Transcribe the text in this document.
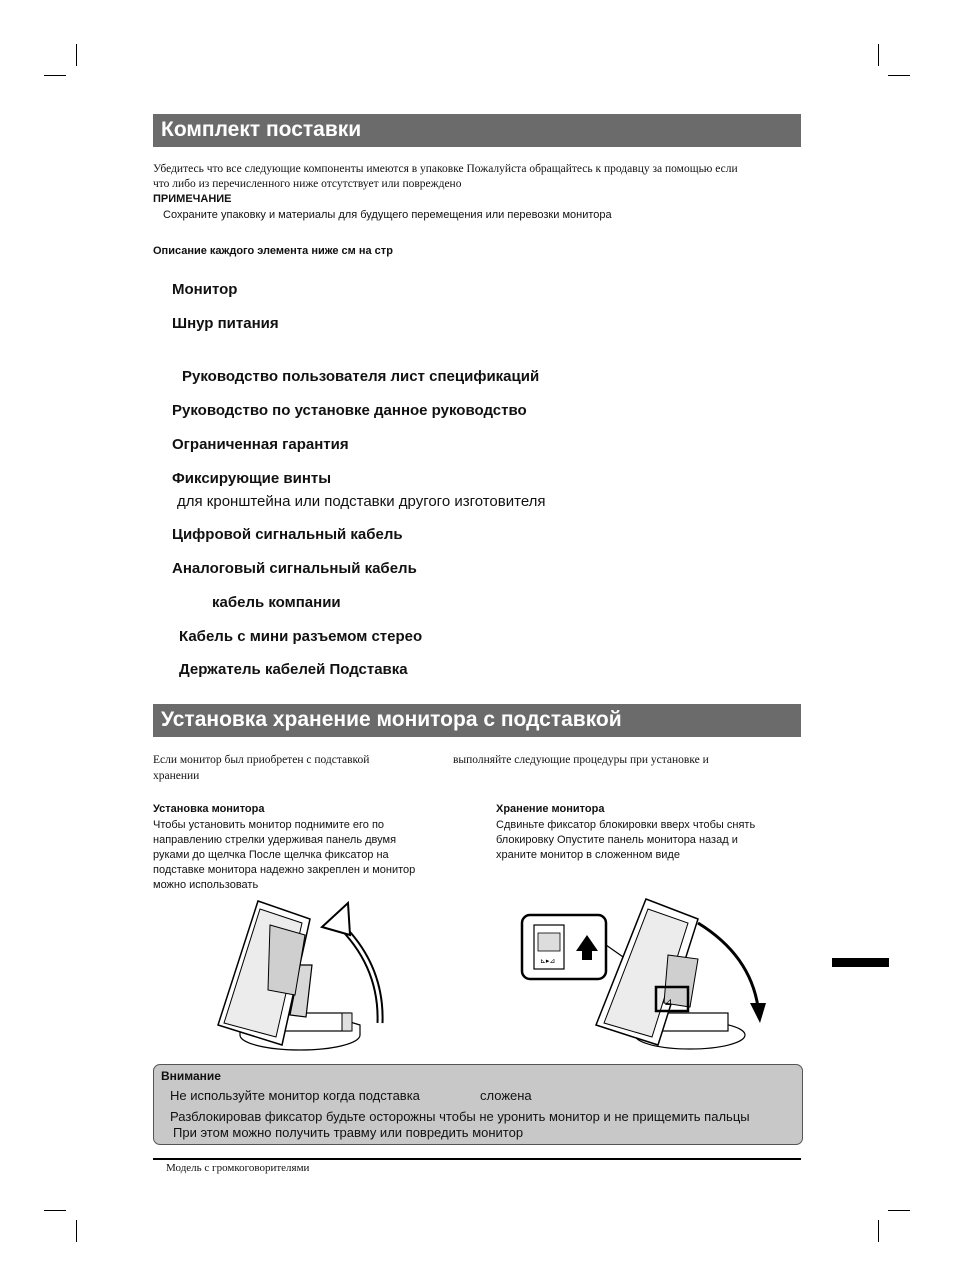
Комплект поставки
Убедитесь что все следующие компоненты имеются в упаковке Пожалуйста обращайтесь к продавцу за помощью если
что либо из перечисленного ниже отсутствует или повреждено
ПРИМЕЧАНИЕ
Сохраните упаковку и материалы для будущего перемещения или перевозки монитора
Описание каждого элемента ниже см на стр
Монитор
Шнур питания
Руководство пользователя лист спецификаций
Руководство по установке данное руководство
Ограниченная гарантия
Фиксирующие винты
для кронштейна или подставки другого изготовителя
Цифровой сигнальный кабель
Аналоговый сигнальный кабель
кабель компании
Кабель с мини разъемом стерео
Держатель кабелей Подставка
Установка хранение монитора с подставкой
Если монитор был приобретен с подставкой	выполняйте следующие процедуры при установке и
хранении
Установка монитора
Чтобы установить монитор поднимите его по
направлению стрелки удерживая панель двумя
руками до щелчка После щелчка фиксатор на
подставке монитора надежно закреплен и монитор
можно использовать
Хранение монитора
Сдвиньте фиксатор блокировки вверх чтобы снять
блокировку Опустите панель монитора назад и
храните монитор в сложенном виде
⊾▸⊿
⊿
Внимание
Не используйте монитор когда подставка	сложена
Разблокировав фиксатор будьте осторожны чтобы не уронить монитор и не прищемить пальцы
При этом можно получить травму или повредить монитор
Модель с громкоговорителями
